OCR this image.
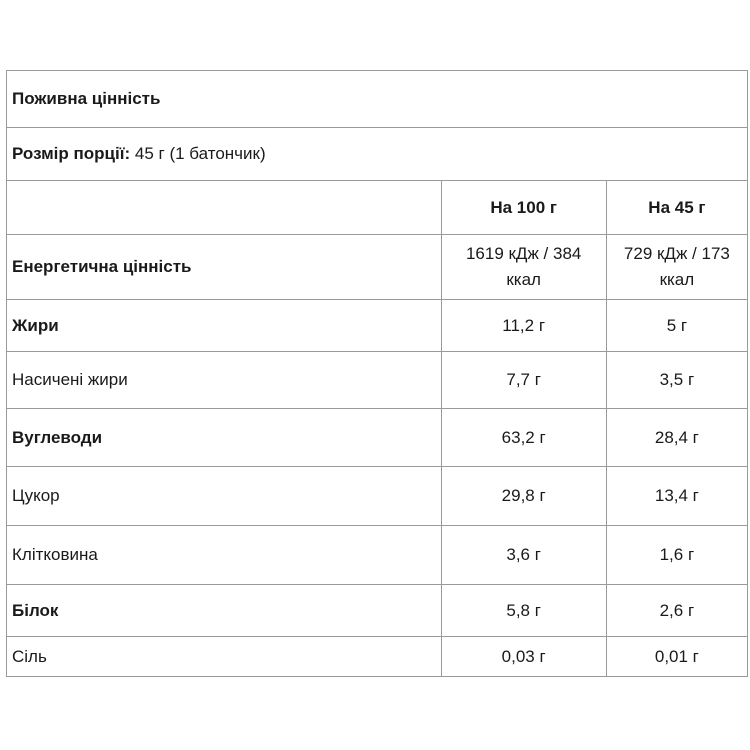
Поживна цінність		
Розмір порції: 45 г (1 батончик)		
	На 100 г	На 45 г
Енергетична цінність	1619 кДж / 384 ккал	729 кДж / 173 ккал
Жири	11,2 г	5 г
Насичені жири	7,7 г	3,5 г
Вуглеводи	63,2 г	28,4 г
Цукор	29,8 г	13,4 г
Клітковина	3,6 г	1,6 г
Білок	5,8 г	2,6 г
Сіль	0,03 г	0,01 г
